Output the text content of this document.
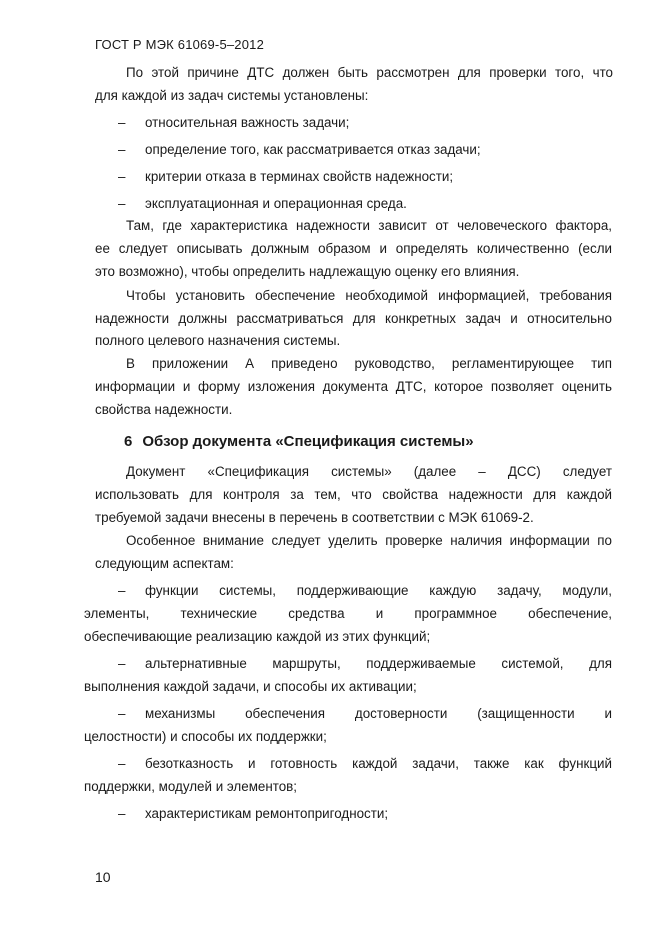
ГОСТ Р МЭК 61069-5–2012
По этой причине ДТС должен быть рассмотрен для проверки того, что
для каждой из задач системы установлены:
– относительная важность задачи;
– определение того, как рассматривается отказ задачи;
– критерии отказа в терминах свойств надежности;
– эксплуатационная и операционная среда.
Там, где характеристика надежности зависит от человеческого фактора,
ее следует описывать должным образом и определять количественно (если
это возможно), чтобы определить надлежащую оценку его влияния.
Чтобы установить обеспечение необходимой информацией, требования
надежности должны рассматриваться для конкретных задач и относительно
полного целевого назначения системы.
В приложении А приведено руководство, регламентирующее тип
информации и форму изложения документа ДТС, которое позволяет оценить
свойства надежности.
6 Обзор документа «Спецификация системы»
Документ «Спецификация системы» (далее – ДСС) следует
использовать для контроля за тем, что свойства надежности для каждой
требуемой задачи внесены в перечень в соответствии с МЭК 61069-2.
Особенное внимание следует уделить проверке наличия информации по
следующим аспектам:
– функции системы, поддерживающие каждую задачу, модули,
элементы, технические средства и программное обеспечение,
обеспечивающие реализацию каждой из этих функций;
– альтернативные маршруты, поддерживаемые системой, для
выполнения каждой задачи, и способы их активации;
– механизмы обеспечения достоверности (защищенности и
целостности) и способы их поддержки;
– безотказность и готовность каждой задачи, также как функций
поддержки, модулей и элементов;
– характеристикам ремонтопригодности;
10
